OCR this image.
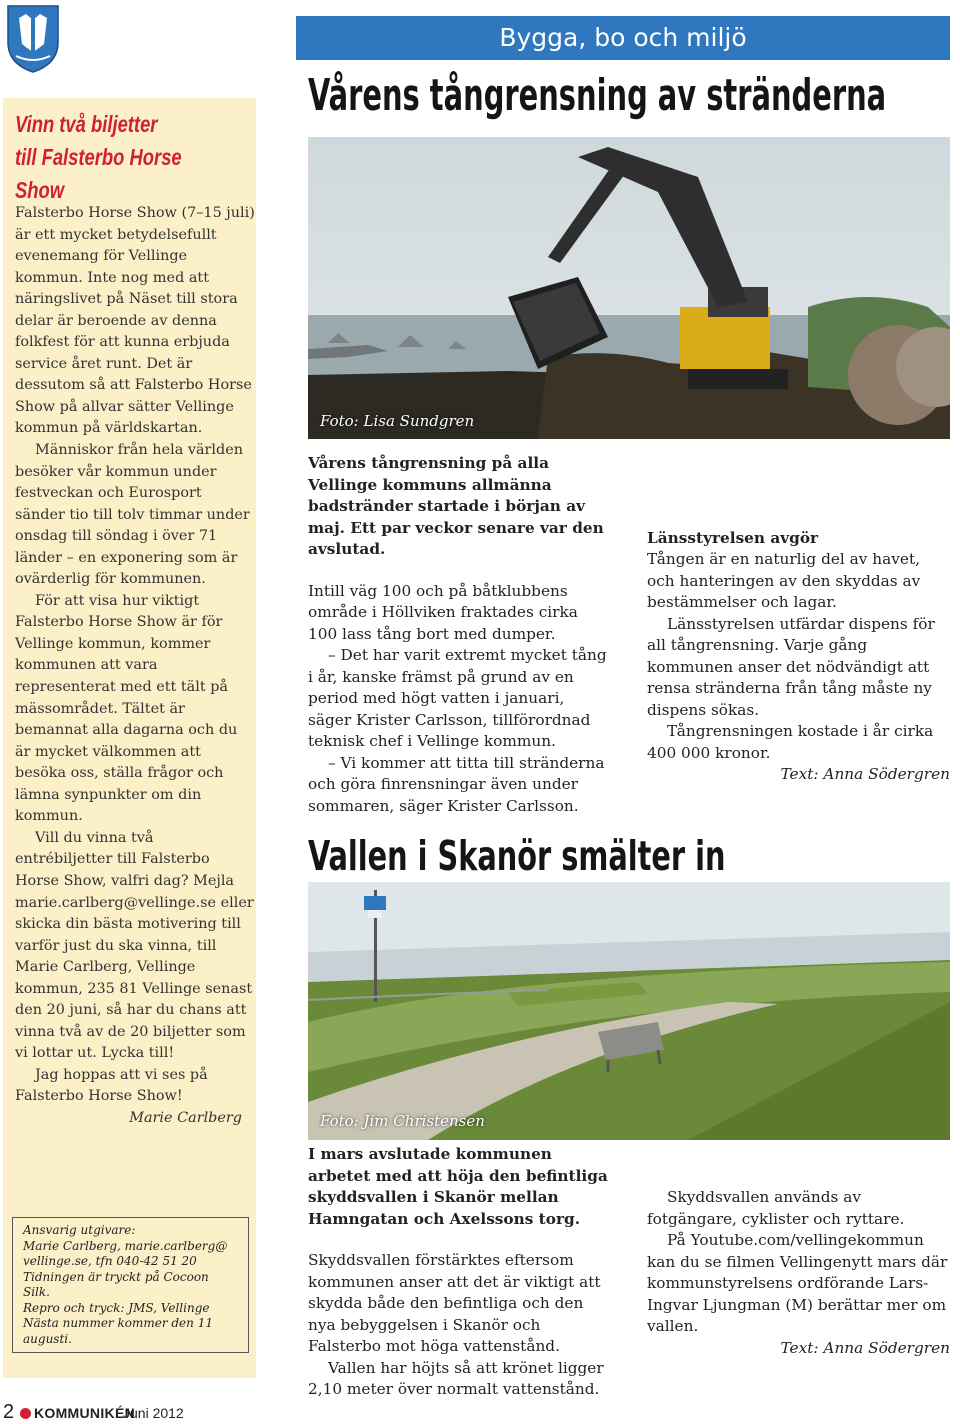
Vinn två biljetter
till Falsterbo Horse
Show

Falsterbo Horse Show (7–15 juli) är ett mycket betydelsefullt evenemang för Vellinge kommun. Inte nog med att näringslivet på Näset till stora delar är beroende av denna folkfest för att kunna erbjuda service året runt. Det är dessutom så att Falsterbo Horse Show på allvar sätter Vellinge kommun på världskartan.

Människor från hela världen besöker vår kommun under festveckan och Eurosport sänder tio till tolv timmar under onsdag till söndag i över 71 länder – en exponering som är ovärderlig för kommunen.

För att visa hur viktigt Falsterbo Horse Show är för Vellinge kommun, kommer kommunen att vara representerat med ett tält på mässområdet. Tältet är bemannat alla dagarna och du är mycket välkommen att besöka oss, ställa frågor och lämna synpunkter om din kommun.

Vill du vinna två entrébiljetter till Falsterbo Horse Show, valfri dag? Mejla marie.carlberg@vellinge.se eller skicka din bästa motivering till varför just du ska vinna, till Marie Carlberg, Vellinge kommun, 235 81 Vellinge senast den 20 juni, så har du chans att vinna två av de 20 biljetter som vi lottar ut. Lycka till!

Jag hoppas att vi ses på Falsterbo Horse Show!

Marie Carlberg

Ansvarig utgivare:
Marie Carlberg, marie.carlberg@
vellinge.se, tfn 040-42 51 20
Tidningen är tryckt på Cocoon
Silk.
Repro och tryck: JMS, Vellinge
Nästa nummer kommer den 11
augusti.
Bygga, bo och miljö
Vårens tångrensning av stränderna
Foto: Lisa Sundgren

Vårens tångrensning på alla Vellinge kommuns allmänna badstränder startade i början av maj. Ett par veckor senare var den avslutad.

Intill väg 100 och på båtklubbens område i Höllviken fraktades cirka 100 lass tång bort med dumper.

– Det har varit extremt mycket tång i år, kanske främst på grund av en period med högt vatten i januari, säger Krister Carlsson, tillförordnad teknisk chef i Vellinge kommun.

– Vi kommer att titta till stränderna och göra finrensningar även under sommaren, säger Krister Carlsson.

Länsstyrelsen avgör

Tången är en naturlig del av havet, och hanteringen av den skyddas av bestämmelser och lagar.

Länsstyrelsen utfärdar dispens för all tångrensning. Varje gång kommunen anser det nödvändigt att rensa stränderna från tång måste ny dispens sökas.

Tångrensningen kostade i år cirka 400 000 kronor.

Text: Anna Södergren

Vallen i Skanör smälter in
Foto: Jim Christensen

I mars avslutade kommunen arbetet med att höja den befintliga skyddsvallen i Skanör mellan Hamngatan och Axelssons torg.

Skyddsvallen förstärktes eftersom kommunen anser att det är viktigt att skydda både den befintliga och den nya bebyggelsen i Skanör och Falsterbo mot höga vattenstånd.

Vallen har höjts så att krönet ligger 2,10 meter över normalt vattenstånd.

Skyddsvallen används av fotgängare, cyklister och ryttare.

På Youtube.com/vellingekommun kan du se filmen Vellingenytt mars där kommunstyrelsens ordförande Lars-Ingvar Ljungman (M) berättar mer om vallen.

Text: Anna Södergren

2 KOMMUNIKÉN
Juni 2012
